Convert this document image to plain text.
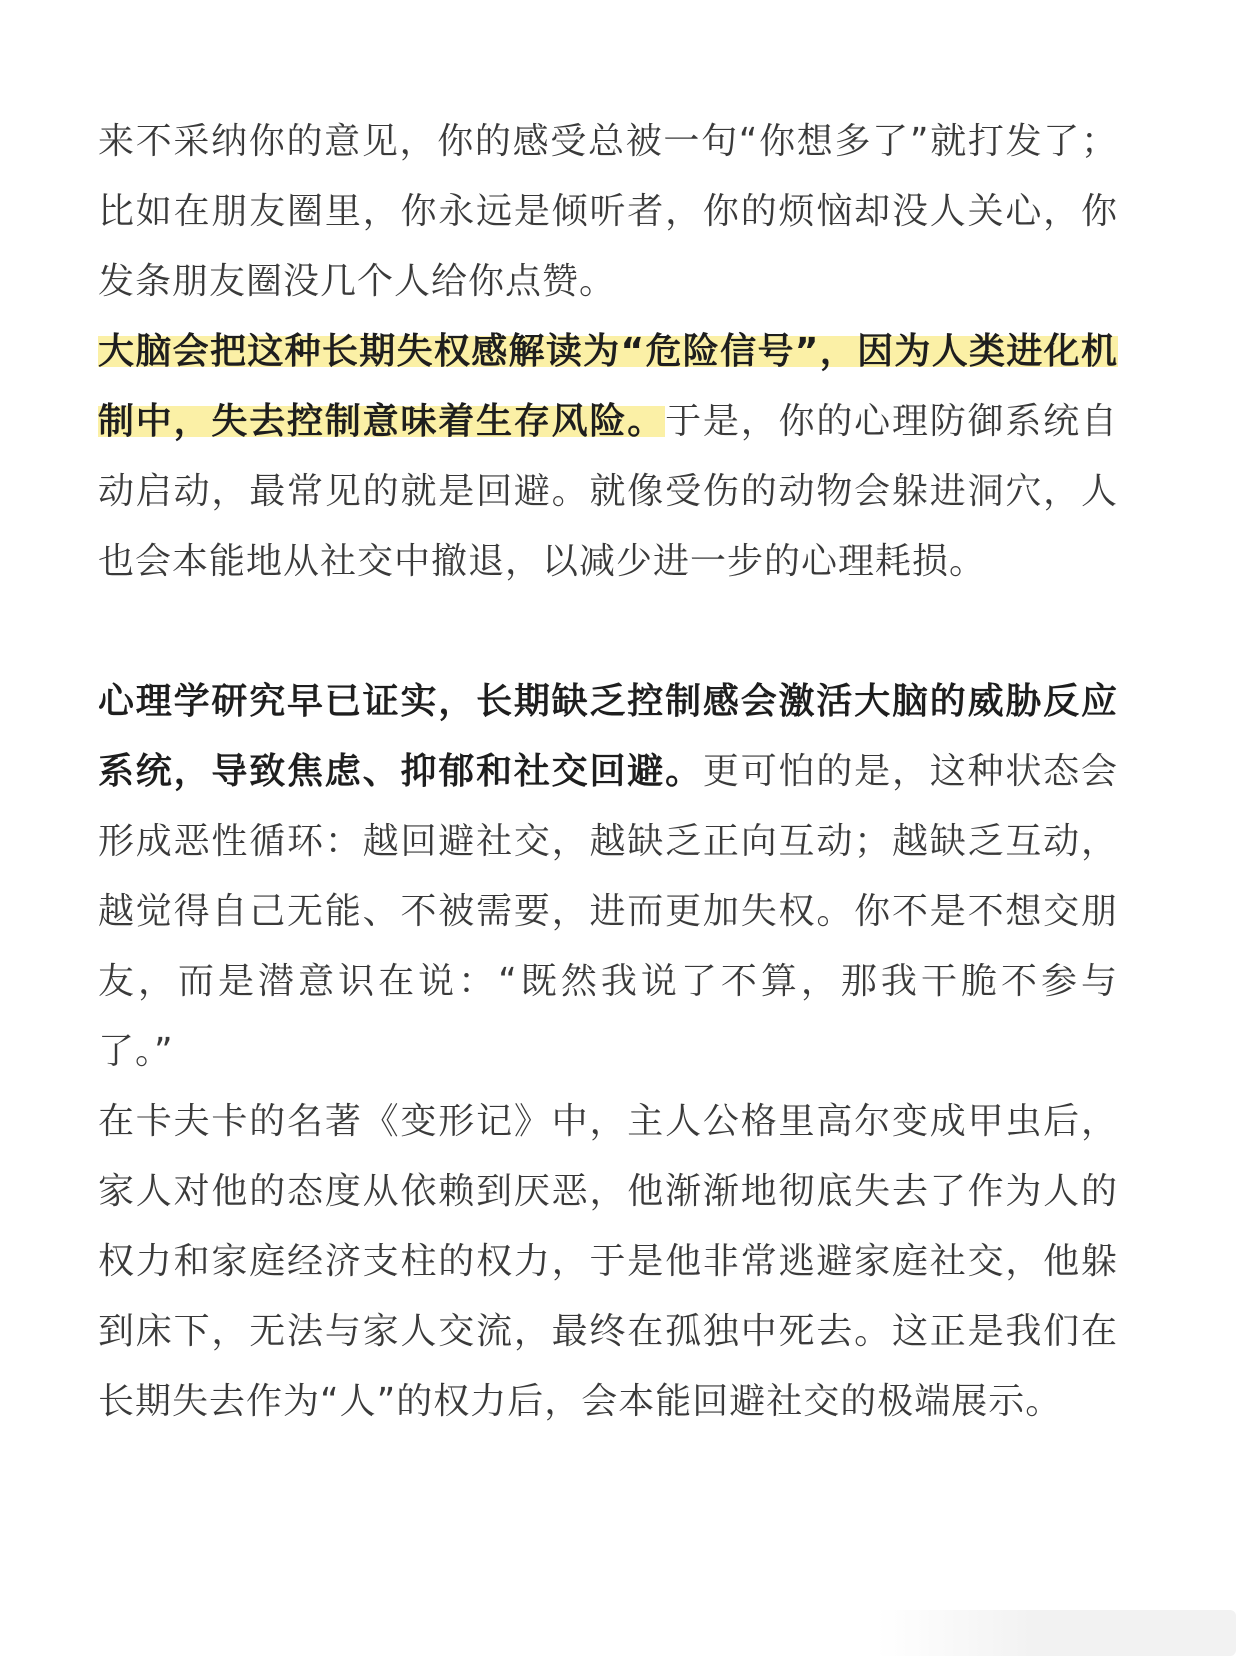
来不采纳你的意见，你的感受总被一句“你想多了”就打发了；比如在朋友圈里，你永远是倾听者，你的烦恼却没人关心，你发条朋友圈没几个人给你点赞。

大脑会把这种长期失权感解读为“危险信号”，因为人类进化机制中，失去控制意味着生存风险。于是，你的心理防御系统自动启动，最常见的就是回避。就像受伤的动物会躲进洞穴，人也会本能地从社交中撤退，以减少进一步的心理耗损。

心理学研究早已证实，长期缺乏控制感会激活大脑的威胁反应系统，导致焦虑、抑郁和社交回避。更可怕的是，这种状态会形成恶性循环：越回避社交，越缺乏正向互动；越缺乏互动，越觉得自己无能、不被需要，进而更加失权。你不是不想交朋友，而是潜意识在说：“既然我说了不算，那我干脆不参与了。”

在卡夫卡的名著《变形记》中，主人公格里高尔变成甲虫后，家人对他的态度从依赖到厌恶，他渐渐地彻底失去了作为人的权力和家庭经济支柱的权力，于是他非常逃避家庭社交，他躲到床下，无法与家人交流，最终在孤独中死去。这正是我们在长期失去作为“人”的权力后，会本能回避社交的极端展示。
